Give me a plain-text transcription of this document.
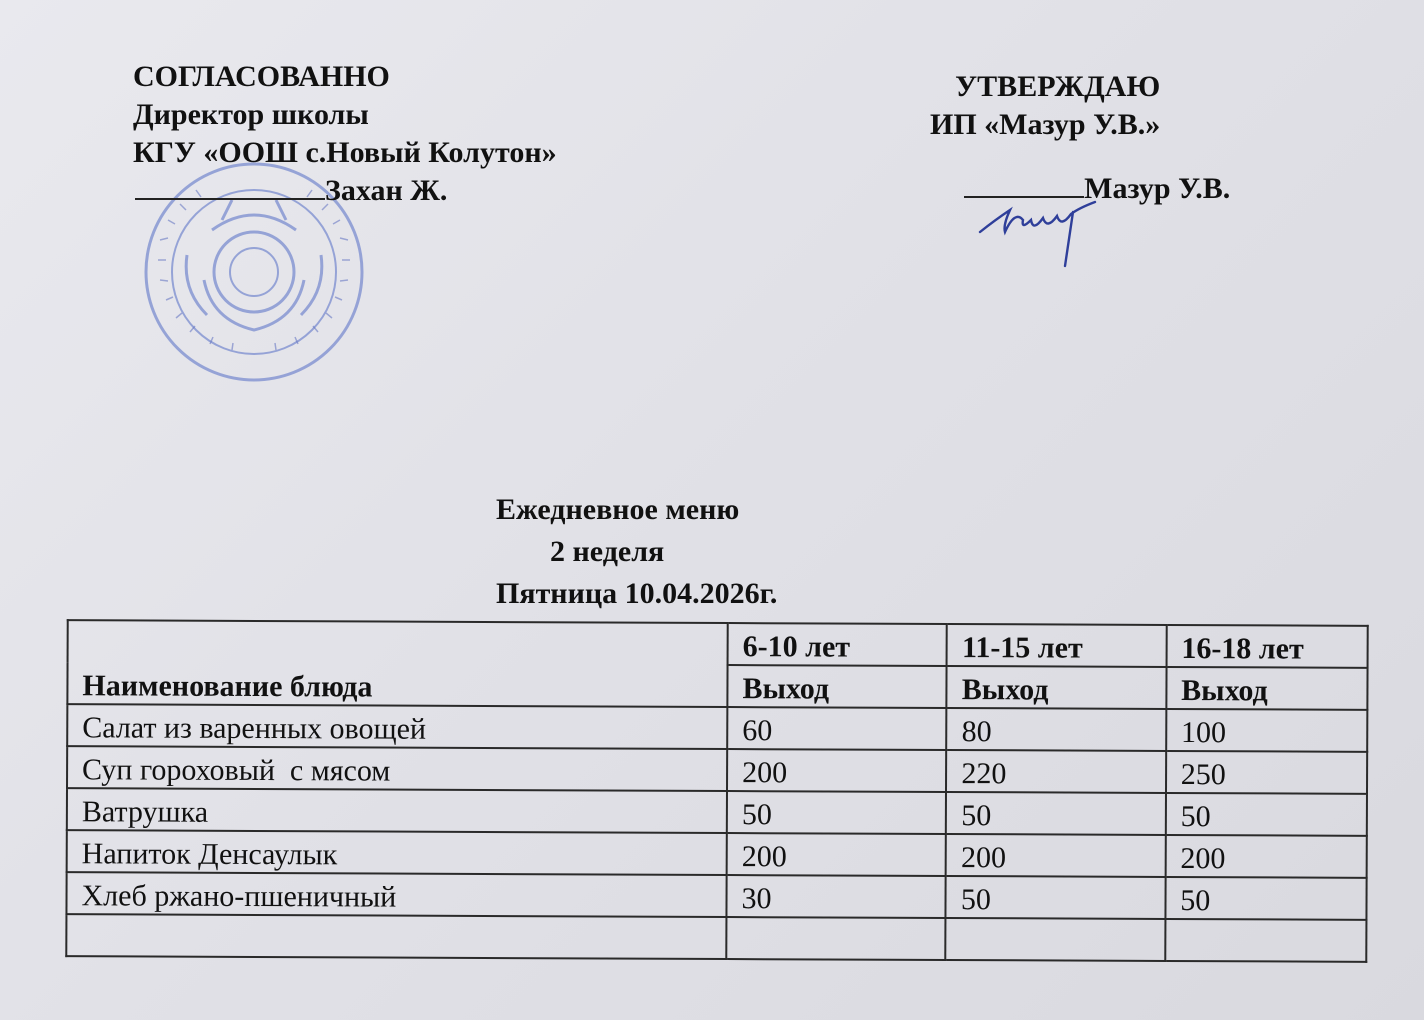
СОГЛАСОВАННО
Директор школы
КГУ «ООШ с.Новый Колутон»
Захан Ж.
УТВЕРЖДАЮ
ИП «Мазур У.В.»
Мазур У.В.
Ежедневное меню
2 неделя
Пятница 10.04.2026г.
Наименование блюда	6-10 лет	11-15 лет	16-18 лет
	Выход	Выход	Выход
Салат из варенных овощей	60	80	100
Суп гороховый  с мясом	200	220	250
Ватрушка	50	50	50
Напиток Денсаулык	200	200	200
Хлеб ржано-пшеничный	30	50	50
